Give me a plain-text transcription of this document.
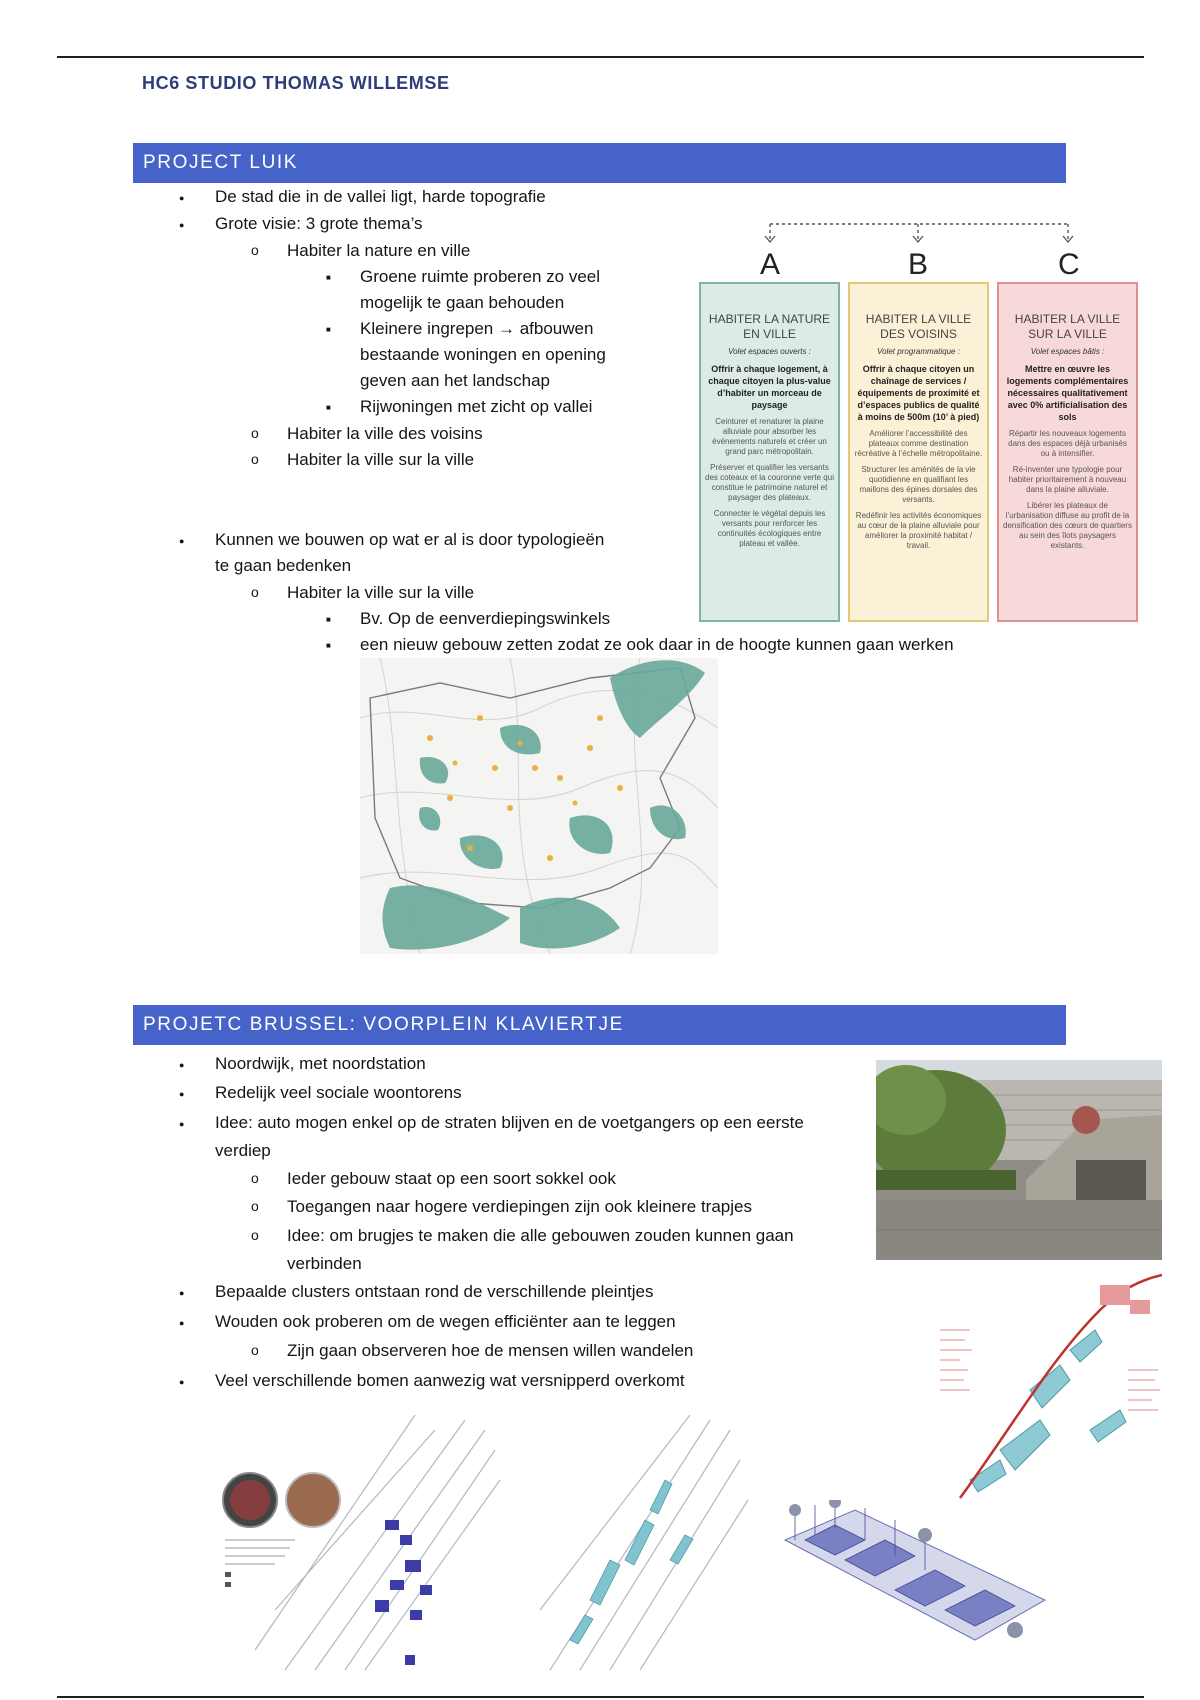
HC6 STUDIO THOMAS WILLEMSE
PROJECT LUIK
● De stad die in de vallei ligt, harde topografie
● Grote visie: 3 grote thema’s
o Habiter la nature en ville
■ Groene ruimte proberen zo veel
mogelijk te gaan behouden
■ Kleinere ingrepen → afbouwen
bestaande woningen en opening
geven aan het landschap
■ Rijwoningen met zicht op vallei
o Habiter la ville des voisins
o Habiter la ville sur la ville
● Kunnen we bouwen op wat er al is door typologieën
te gaan bedenken
o Habiter la ville sur la ville
■ Bv. Op de eenverdiepingswinkels
■ een nieuw gebouw zetten zodat ze ook daar in de hoogte kunnen gaan werken
A	B	C
HABITER LA NATURE
EN VILLE
Volet espaces ouverts :
Offrir à chaque logement, à chaque citoyen la plus-value d’habiter un morceau de paysage
Ceinturer et renaturer la plaine alluviale pour absorber les événements naturels et créer un grand parc métropolitain.
Préserver et qualifier les versants des coteaux et la couronne verte qui constitue le patrimoine naturel et paysager des plateaux.
Connecter le végétal depuis les versants pour renforcer les continuités écologiques entre plateau et vallée.
HABITER LA VILLE
DES VOISINS
Volet programmatique :
Offrir à chaque citoyen un chaînage de services / équipements de proximité et d’espaces publics de qualité à moins de 500m (10’ à pied)
Améliorer l’accessibilité des plateaux comme destination récréative à l’échelle métropolitaine.
Structurer les aménités de la vie quotidienne en qualifiant les maillons des épines dorsales des versants.
Redéfinir les activités économiques au cœur de la plaine alluviale pour améliorer la proximité habitat / travail.
HABITER LA VILLE
SUR LA VILLE
Volet espaces bâtis :
Mettre en œuvre les logements complémentaires nécessaires qualitativement avec 0% artificialisation des sols
Répartir les nouveaux logements dans des espaces déjà urbanisés ou à intensifier.
Ré-inventer une typologie pour habiter prioritairement à nouveau dans la plaine alluviale.
Libérer les plateaux de l’urbanisation diffuse au profit de la densification des cœurs de quartiers au sein des îlots paysagers existants.
PROJETC BRUSSEL: VOORPLEIN KLAVIERTJE
● Noordwijk, met noordstation
● Redelijk veel sociale woontorens
● Idee: auto mogen enkel op de straten blijven en de voetgangers op een eerste
verdiep
o Ieder gebouw staat op een soort sokkel ook
o Toegangen naar hogere verdiepingen zijn ook kleinere trapjes
o Idee: om brugjes te maken die alle gebouwen zouden kunnen gaan
verbinden
● Bepaalde clusters ontstaan rond de verschillende pleintjes
● Wouden ook proberen om de wegen efficiënter aan te leggen
o Zijn gaan observeren hoe de mensen willen wandelen
● Veel verschillende bomen aanwezig wat versnipperd overkomt
